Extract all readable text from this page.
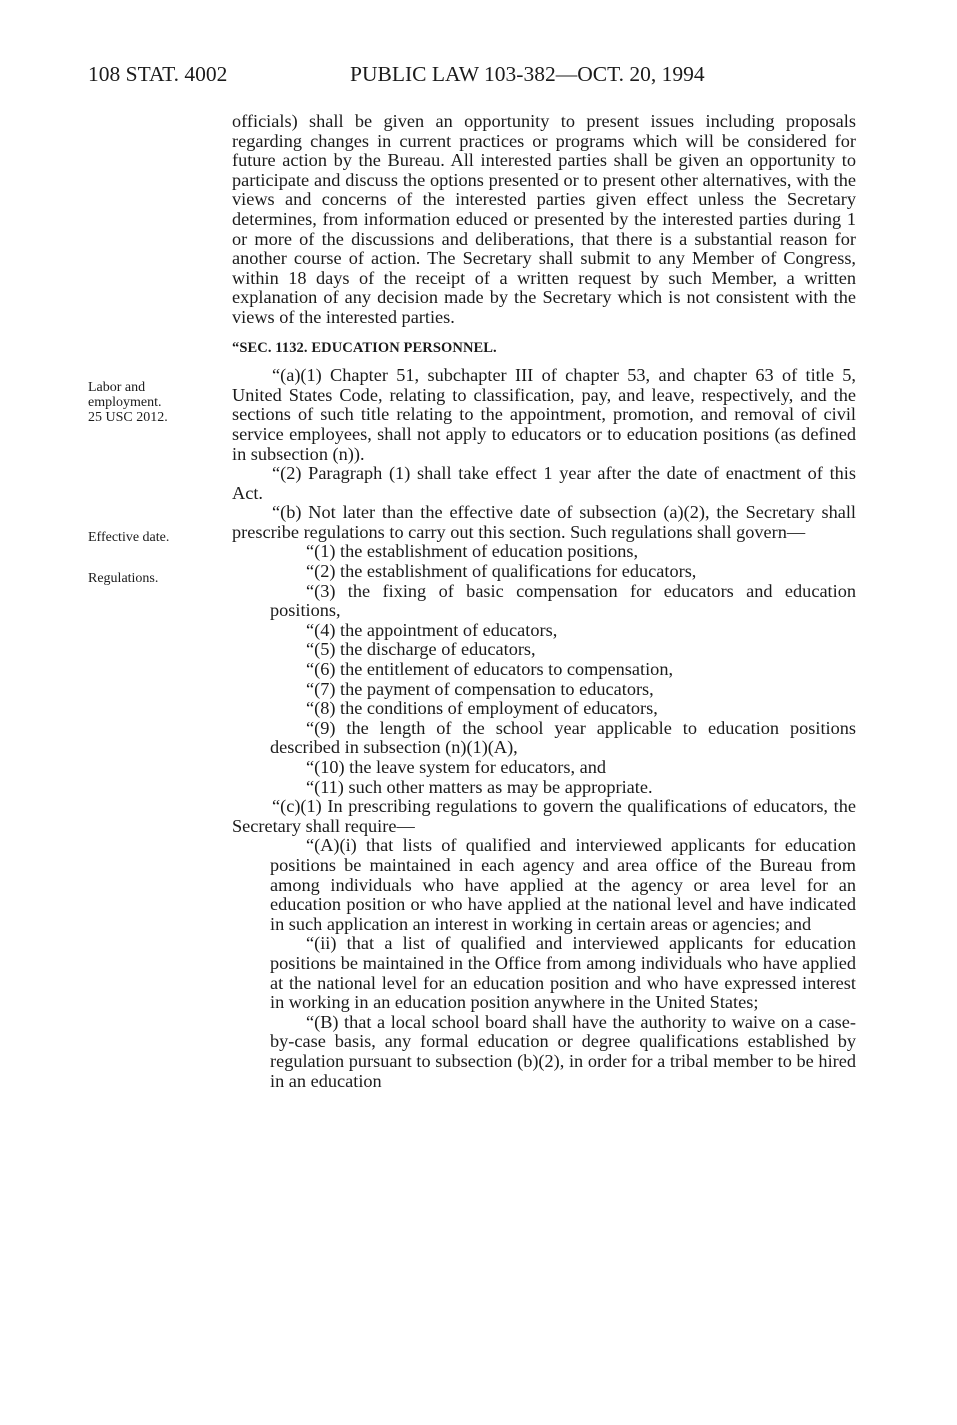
108 STAT. 4002	PUBLIC LAW 103-382—OCT. 20, 1994
Labor and employment.
25 USC 2012.
Effective date.
Regulations.

officials) shall be given an opportunity to present issues including proposals regarding changes in current practices or programs which will be considered for future action by the Bureau. All interested parties shall be given an opportunity to participate and discuss the options presented or to present other alternatives, with the views and concerns of the interested parties given effect unless the Secretary determines, from information educed or presented by the interested parties during 1 or more of the discussions and deliberations, that there is a substantial reason for another course of action. The Secretary shall submit to any Member of Congress, within 18 days of the receipt of a written request by such Member, a written explanation of any decision made by the Secretary which is not consistent with the views of the interested parties.

“SEC. 1132. EDUCATION PERSONNEL.

“(a)(1) Chapter 51, subchapter III of chapter 53, and chapter 63 of title 5, United States Code, relating to classification, pay, and leave, respectively, and the sections of such title relating to the appointment, promotion, and removal of civil service employees, shall not apply to educators or to education positions (as defined in subsection (n)).

“(2) Paragraph (1) shall take effect 1 year after the date of enactment of this Act.

“(b) Not later than the effective date of subsection (a)(2), the Secretary shall prescribe regulations to carry out this section. Such regulations shall govern—

“(1) the establishment of education positions,

“(2) the establishment of qualifications for educators,

“(3) the fixing of basic compensation for educators and education positions,

“(4) the appointment of educators,

“(5) the discharge of educators,

“(6) the entitlement of educators to compensation,

“(7) the payment of compensation to educators,

“(8) the conditions of employment of educators,

“(9) the length of the school year applicable to education positions described in subsection (n)(1)(A),

“(10) the leave system for educators, and

“(11) such other matters as may be appropriate.

“(c)(1) In prescribing regulations to govern the qualifications of educators, the Secretary shall require—

“(A)(i) that lists of qualified and interviewed applicants for education positions be maintained in each agency and area office of the Bureau from among individuals who have applied at the agency or area level for an education position or who have applied at the national level and have indicated in such application an interest in working in certain areas or agencies; and

“(ii) that a list of qualified and interviewed applicants for education positions be maintained in the Office from among individuals who have applied at the national level for an education position and who have expressed interest in working in an education position anywhere in the United States;

“(B) that a local school board shall have the authority to waive on a case-by-case basis, any formal education or degree qualifications established by regulation pursuant to subsection (b)(2), in order for a tribal member to be hired in an education
